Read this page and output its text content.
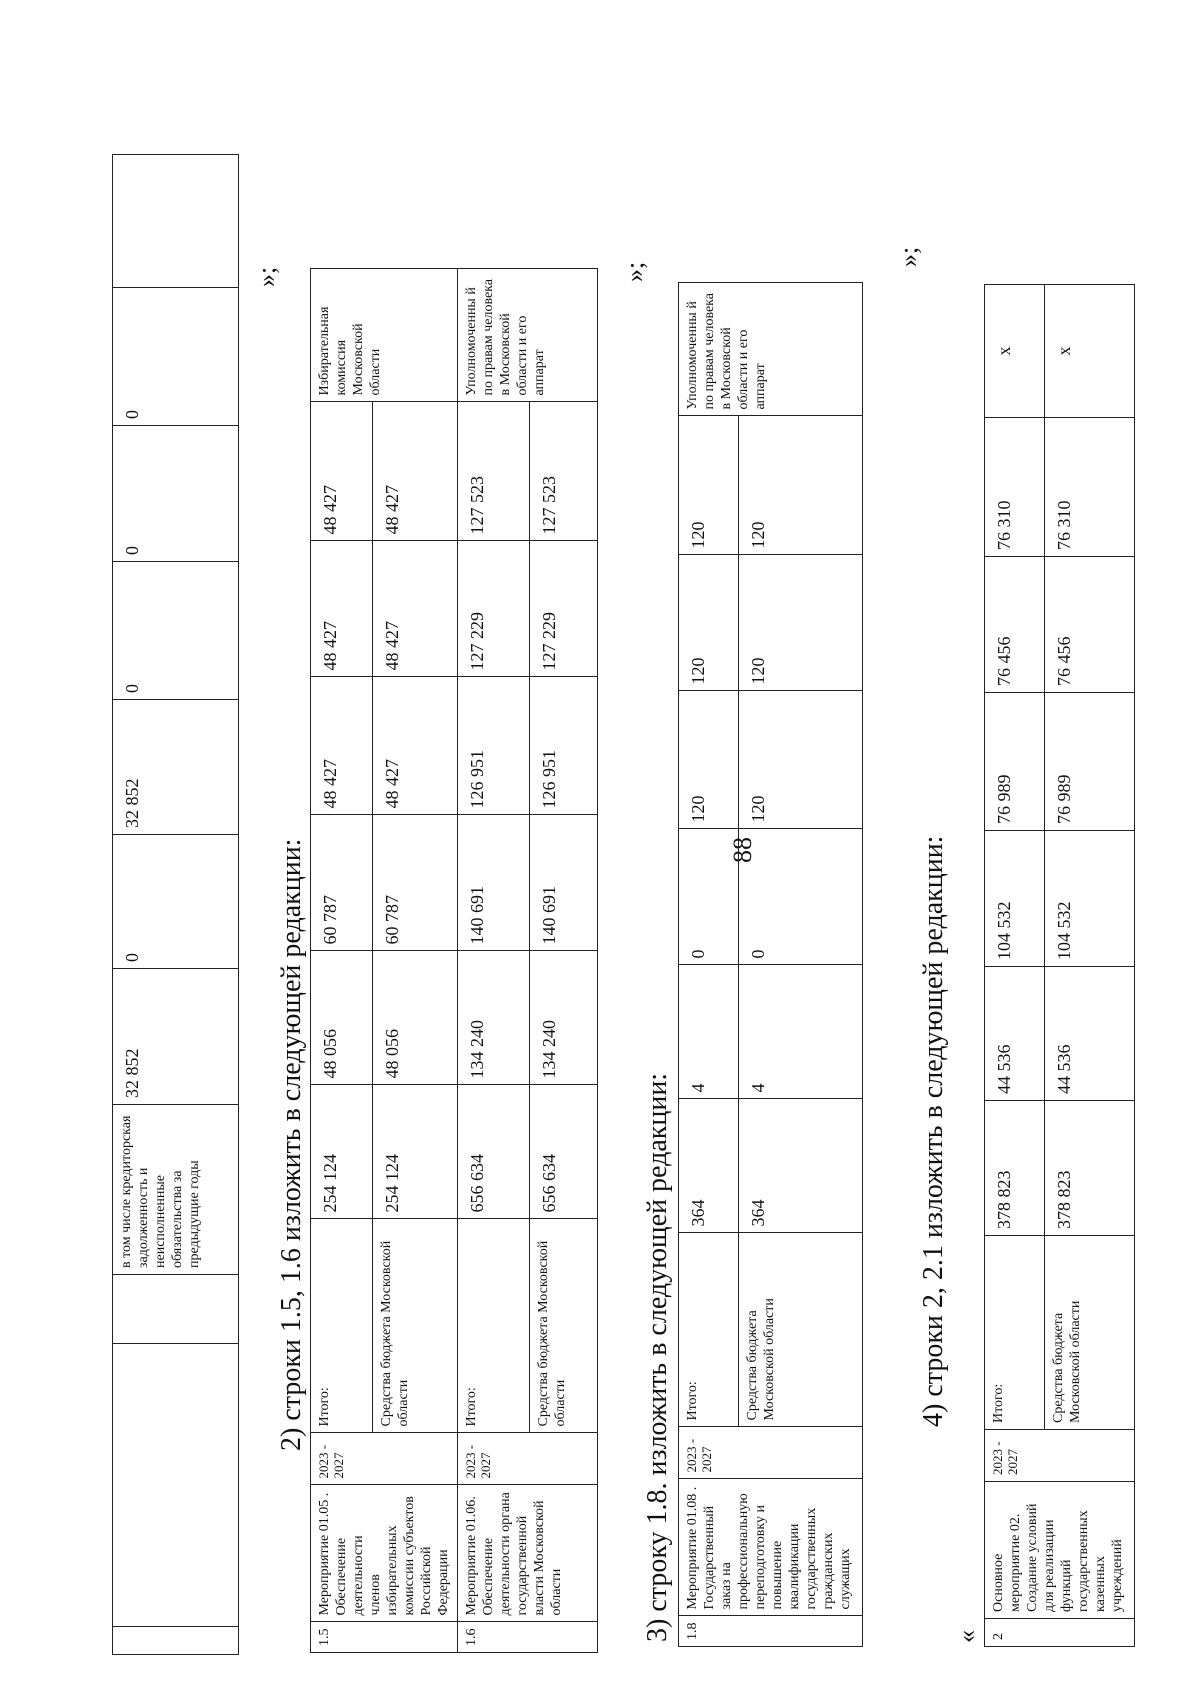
88
			в том числе кредиторская задолженность и неисполненные обязательства за предыдущие годы	32 852	0	32 852	0	0	0	
»;
2) строки 1.5, 1.6 изложить в следующей редакции:
1.5	Мероприятие 01.05 . Обеспечение деятельности членов избирательных комиссии субъектов Российской Федерации	2023 - 2027	Итого:	254 124	48 056	60 787	48 427	48 427	48 427	Избирательная комиссия Московской области
			Средства бюджета Московской области	254 124	48 056	60 787	48 427	48 427	48 427	
1.6	Мероприятие 01.06. Обеспечение деятельности органа государственной власти Московской области	2023 - 2027	Итого:	656 634	134 240	140 691	126 951	127 229	127 523	Уполномоченны й по правам человека в Московской области и его аппарат
			Средства бюджета Московской области	656 634	134 240	140 691	126 951	127 229	127 523	
»;
3) строку 1.8. изложить в следующей редакции: 1.8	Мероприятие 01.08 . Государственный заказ на профессиональную переподготовку и повышение квалификации государственных гражданских служащих	2023 - 2027	Итого:	364	4	0	120	120	120	Уполномоченны й по правам человека в Московской области и его аппарат
			Средства бюджета Московской области	364	4	0	120	120	120	
»;
4) строки 2, 2.1 изложить в следующей редакции:
« 2	Основное мероприятие 02. Создание условий для реализации функций государственных казенных учреждений	2023 - 2027	Итого:	378 823	44 536	104 532	76 989	76 456	76 310	х
			Средства бюджета Московской области	378 823	44 536	104 532	76 989	76 456	76 310	х
